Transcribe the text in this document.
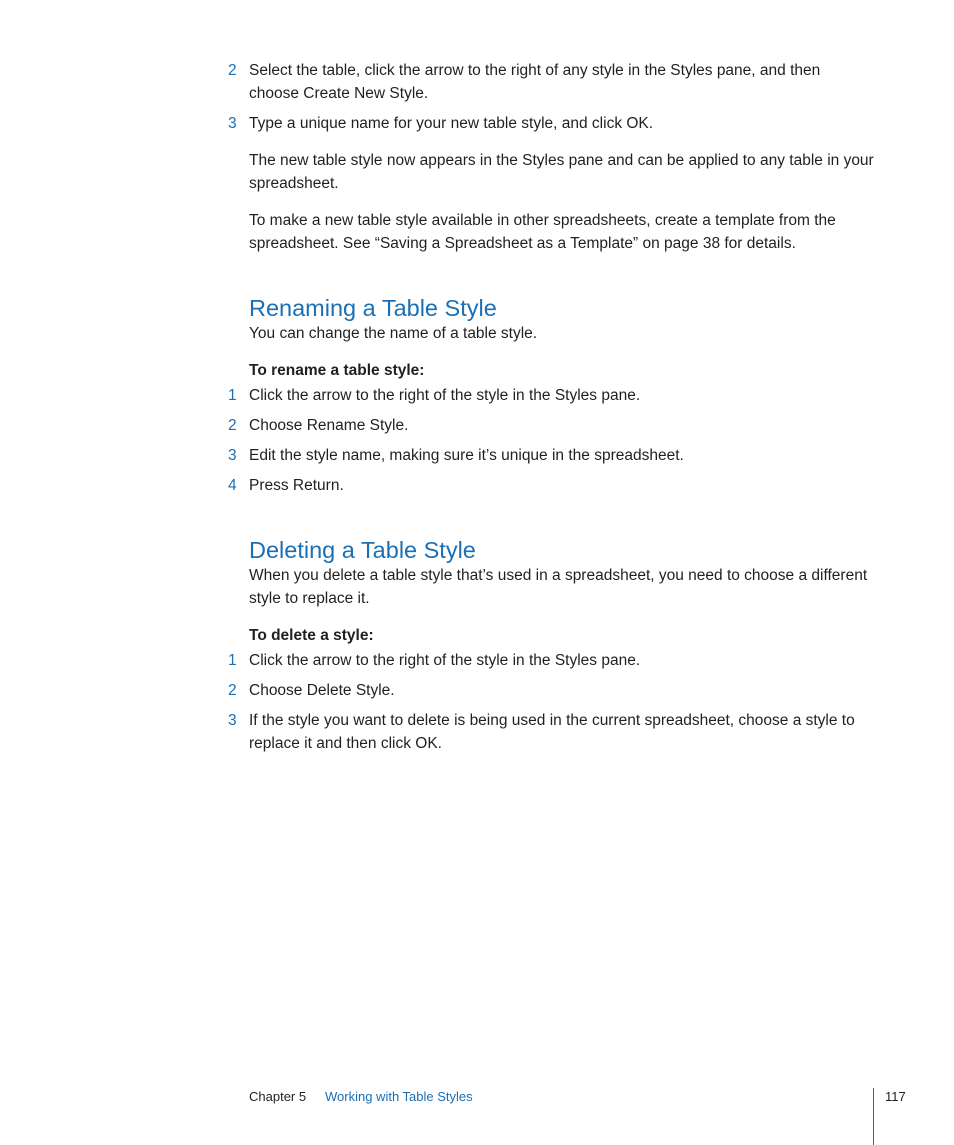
2 Select the table, click the arrow to the right of any style in the Styles pane, and then choose Create New Style.
3 Type a unique name for your new table style, and click OK.
The new table style now appears in the Styles pane and can be applied to any table in your spreadsheet.
To make a new table style available in other spreadsheets, create a template from the spreadsheet. See “Saving a Spreadsheet as a Template” on page 38 for details.
Renaming a Table Style
You can change the name of a table style.
To rename a table style:
1 Click the arrow to the right of the style in the Styles pane.
2 Choose Rename Style.
3 Edit the style name, making sure it’s unique in the spreadsheet.
4 Press Return.
Deleting a Table Style
When you delete a table style that’s used in a spreadsheet, you need to choose a different style to replace it.
To delete a style:
1 Click the arrow to the right of the style in the Styles pane.
2 Choose Delete Style.
3 If the style you want to delete is being used in the current spreadsheet, choose a style to replace it and then click OK.
Chapter 5 Working with Table Styles	117
